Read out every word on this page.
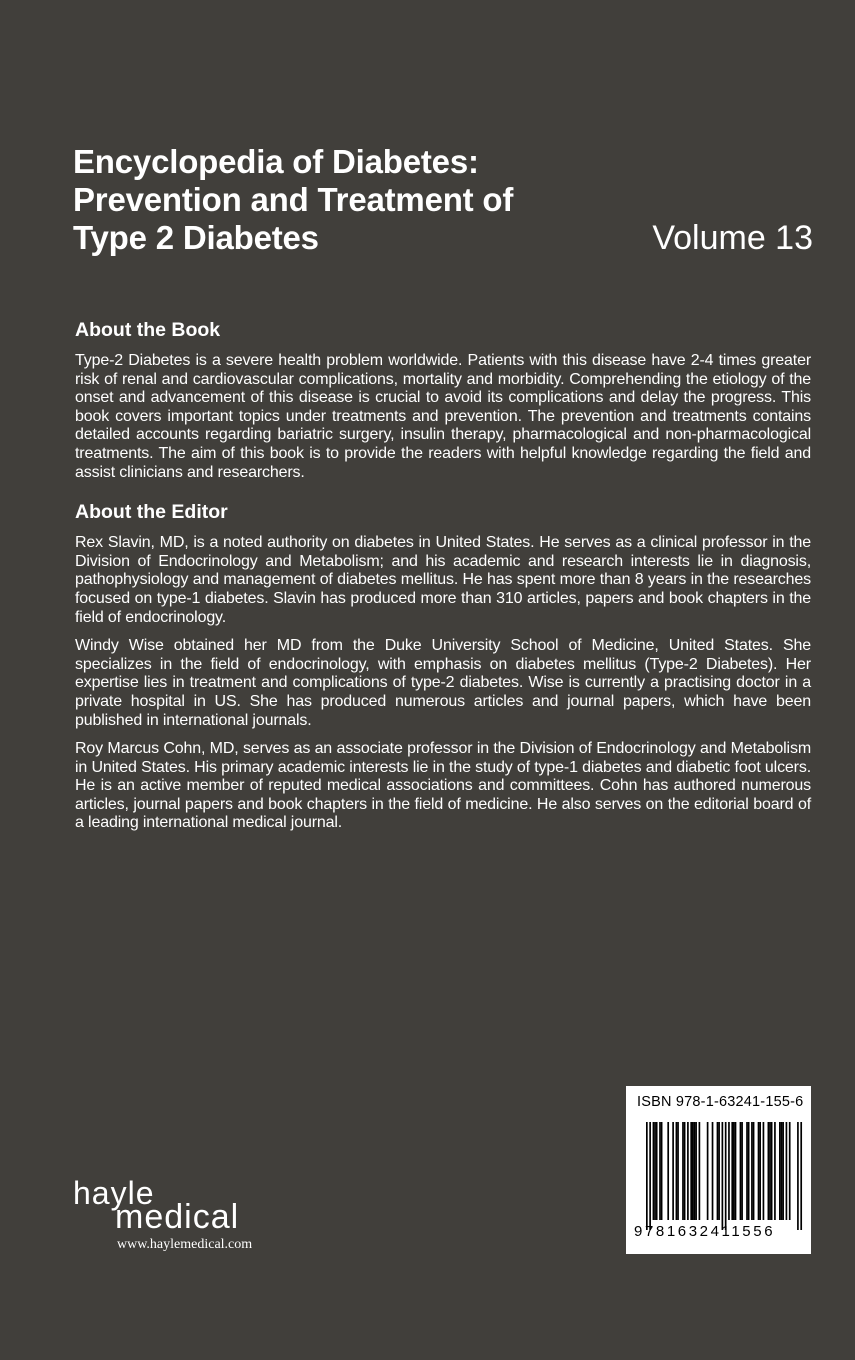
Encyclopedia of Diabetes:
Prevention and Treatment of
Type 2 Diabetes	Volume 13
About the Book

Type-2 Diabetes is a severe health problem worldwide. Patients with this disease have 2-4 times greater risk of renal and cardiovascular complications, mortality and morbidity. Comprehending the etiology of the onset and advancement of this disease is crucial to avoid its complications and delay the progress. This book covers important topics under treatments and prevention. The prevention and treatments contains detailed accounts regarding bariatric surgery, insulin therapy, pharmacological and non-pharmacological treatments. The aim of this book is to provide the readers with helpful knowledge regarding the field and assist clinicians and researchers.

About the Editor

Rex Slavin, MD, is a noted authority on diabetes in United States. He serves as a clinical professor in the Division of Endocrinology and Metabolism; and his academic and research interests lie in diagnosis, pathophysiology and management of diabetes mellitus. He has spent more than 8 years in the researches focused on type-1 diabetes. Slavin has produced more than 310 articles, papers and book chapters in the field of endocrinology.

Windy Wise obtained her MD from the Duke University School of Medicine, United States. She specializes in the field of endocrinology, with emphasis on diabetes mellitus (Type-2 Diabetes). Her expertise lies in treatment and complications of type-2 diabetes. Wise is currently a practising doctor in a private hospital in US. She has produced numerous articles and journal papers, which have been published in international journals.

Roy Marcus Cohn, MD, serves as an associate professor in the Division of Endocrinology and Metabolism in United States. His primary academic interests lie in the study of type-1 diabetes and diabetic foot ulcers. He is an active member of reputed medical associations and committees. Cohn has authored numerous articles, journal papers and book chapters in the field of medicine. He also serves on the editorial board of a leading international medical journal.

hayle
medical
www.haylemedical.com
ISBN 978-1-63241-155-6
9781632411556
